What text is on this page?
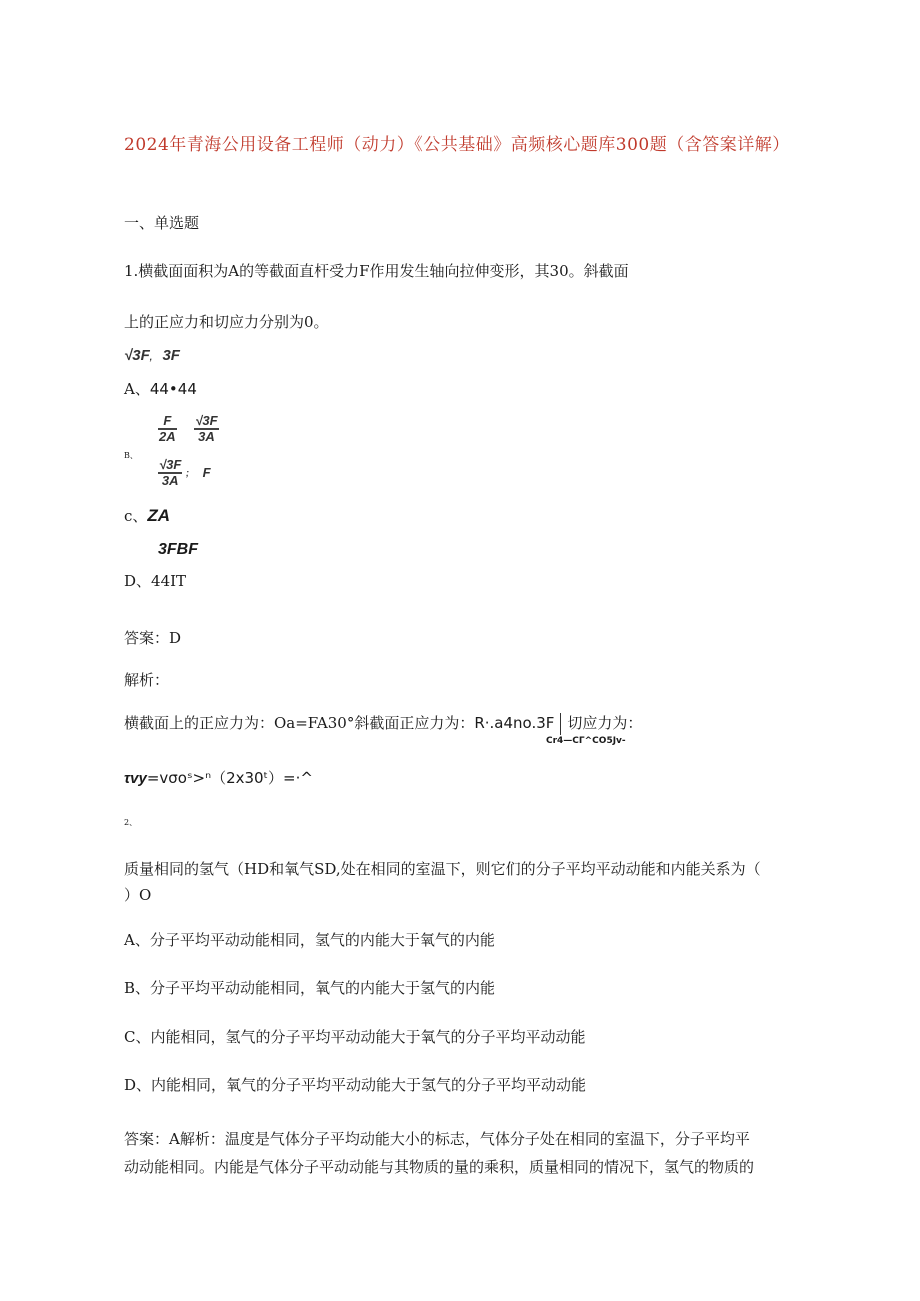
2024年青海公用设备工程师（动力）《公共基础》高频核心题库300题（含答案详解）
一、单选题
1.横截面面积为A的等截面直杆受力F作用发生轴向拉伸变形，其30。斜截面
上的正应力和切应力分别为0。
√3F, 3F
A、44•44
B、
$\frac{F}{2A}$
$\frac{√3F}{3A}$
$\frac{√3F}{3A}$ ; F
c、ZA
3FBF
D、44IT
答案：D
解析：
横截面上的正应力为：Oa=FA30°斜截面正应力为：R·.a4no.3F 切应力为：
Cr4—CΓ^CO5Jv-
τvy=vσoˢ>ⁿ（2x30ᵗ）=·^
2、
质量相同的氢气（HD和氧气SD,处在相同的室温下，则它们的分子平均平动动能和内能关系为（
）O
A、分子平均平动动能相同，氢气的内能大于氧气的内能
B、分子平均平动动能相同，氧气的内能大于氢气的内能
C、内能相同，氢气的分子平均平动动能大于氧气的分子平均平动动能
D、内能相同，氧气的分子平均平动动能大于氢气的分子平均平动动能
答案：A解析：温度是气体分子平均动能大小的标志，气体分子处在相同的室温下，分子平均平
动动能相同。内能是气体分子平动动能与其物质的量的乘积，质量相同的情况下，氢气的物质的
